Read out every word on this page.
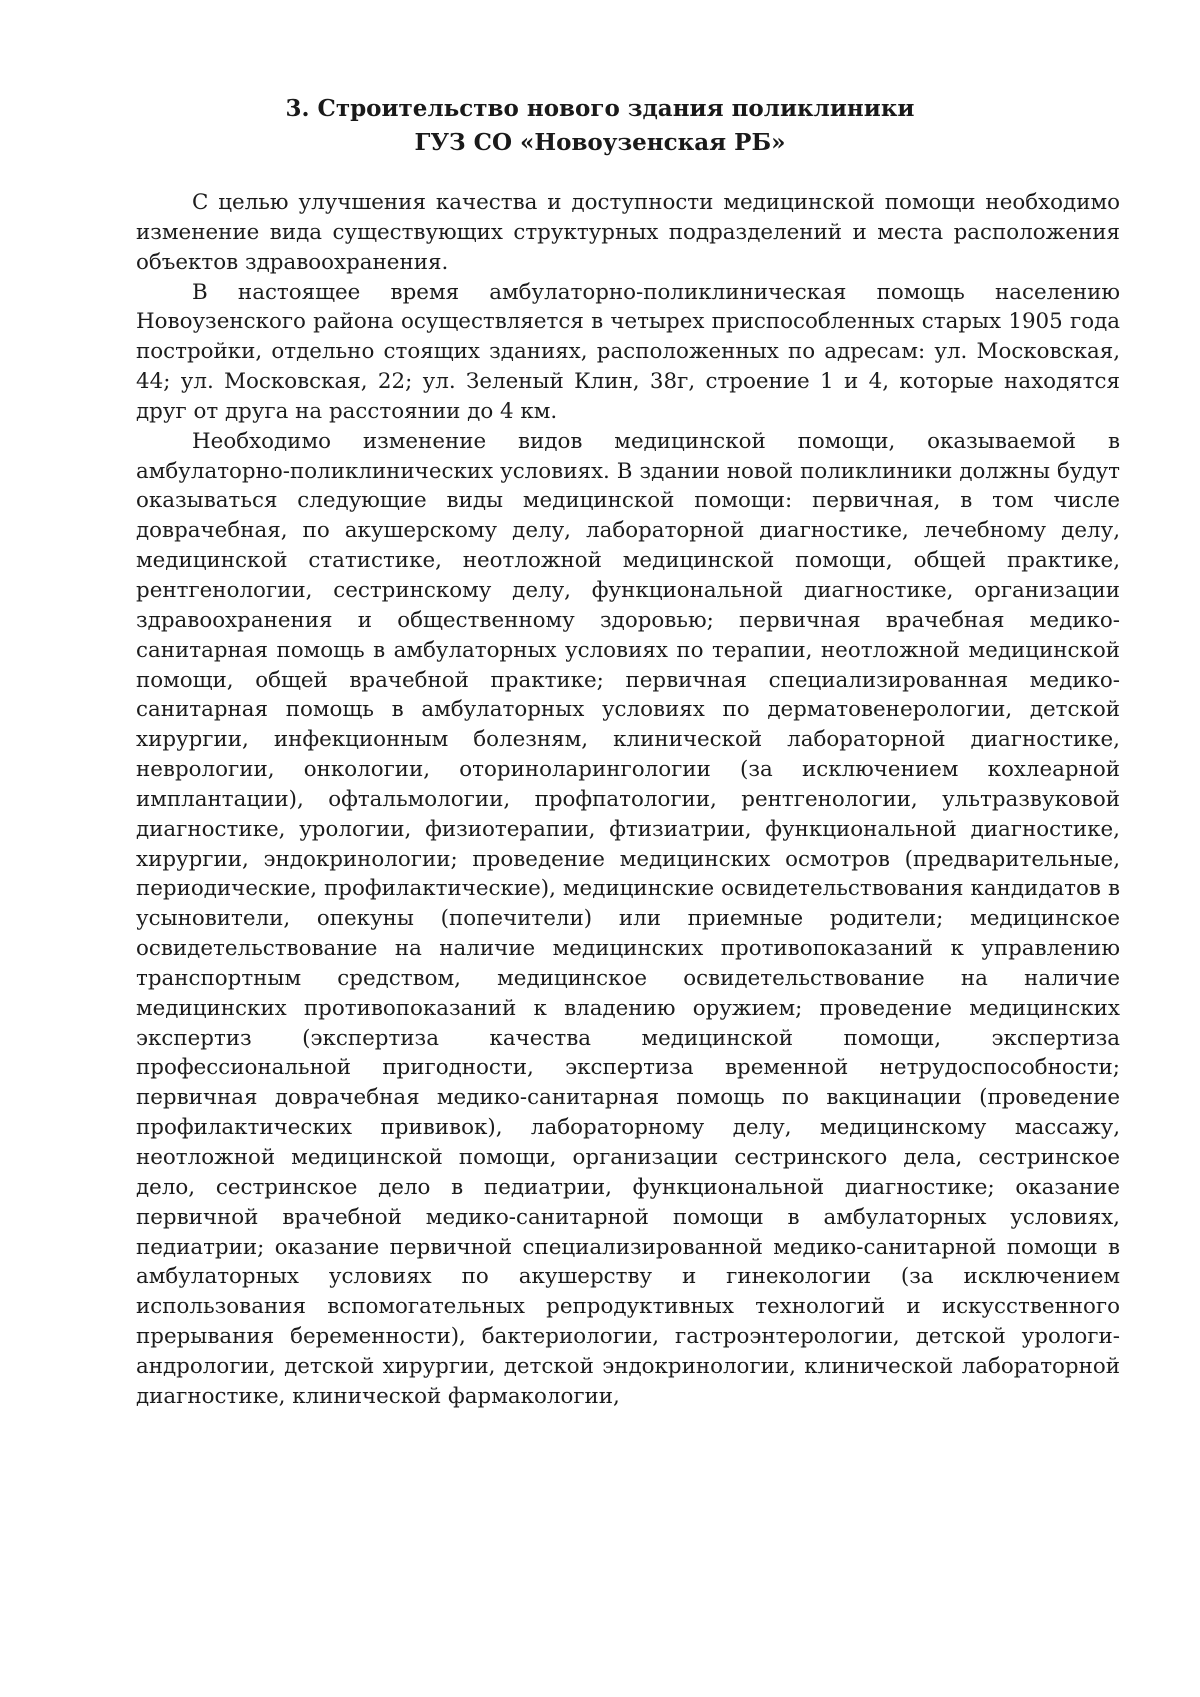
3. Строительство нового здания поликлиники
ГУЗ СО «Новоузенская РБ»

С целью улучшения качества и доступности медицинской помощи необходимо изменение вида существующих структурных подразделений и места расположения объектов здравоохранения.

В настоящее время амбулаторно-поликлиническая помощь населению Новоузенского района осуществляется в четырех приспособленных старых 1905 года постройки, отдельно стоящих зданиях, расположенных по адресам: ул. Московская, 44; ул. Московская, 22; ул. Зеленый Клин, 38г, строение 1 и 4, которые находятся друг от друга на расстоянии до 4 км.

Необходимо изменение видов медицинской помощи, оказываемой в амбулаторно-поликлинических условиях. В здании новой поликлиники должны будут оказываться следующие виды медицинской помощи: первичная, в том числе доврачебная, по акушерскому делу, лабораторной диагностике, лечебному делу, медицинской статистике, неотложной медицинской помощи, общей практике, рентгенологии, сестринскому делу, функциональной диагностике, организации здравоохранения и общественному здоровью; первичная врачебная медико-санитарная помощь в амбулаторных условиях по терапии, неотложной медицинской помощи, общей врачебной практике; первичная специализированная медико-санитарная помощь в амбулаторных условиях по дерматовенерологии, детской хирургии, инфекционным болезням, клинической лабораторной диагностике, неврологии, онкологии, оториноларингологии (за исключением кохлеарной имплантации), офтальмологии, профпатологии, рентгенологии, ультразвуковой диагностике, урологии, физиотерапии, фтизиатрии, функциональной диагностике, хирургии, эндокринологии; проведение медицинских осмотров (предварительные, периодические, профилактические), медицинские освидетельствования кандидатов в усыновители, опекуны (попечители) или приемные родители; медицинское освидетельствование на наличие медицинских противопоказаний к управлению транспортным средством, медицинское освидетельствование на наличие медицинских противопоказаний к владению оружием; проведение медицинских экспертиз (экспертиза качества медицинской помощи, экспертиза профессиональной пригодности, экспертиза временной нетрудоспособности; первичная доврачебная медико-санитарная помощь по вакцинации (проведение профилактических прививок), лабораторному делу, медицинскому массажу, неотложной медицинской помощи, организации сестринского дела, сестринское дело, сестринское дело в педиатрии, функциональной диагностике; оказание первичной врачебной медико-санитарной помощи в амбулаторных условиях, педиатрии; оказание первичной специализированной медико-санитарной помощи в амбулаторных условиях по акушерству и гинекологии (за исключением использования вспомогательных репродуктивных технологий и искусственного прерывания беременности), бактериологии, гастроэнтерологии, детской урологи-андрологии, детской хирургии, детской эндокринологии, клинической лабораторной диагностике, клинической фармакологии,
